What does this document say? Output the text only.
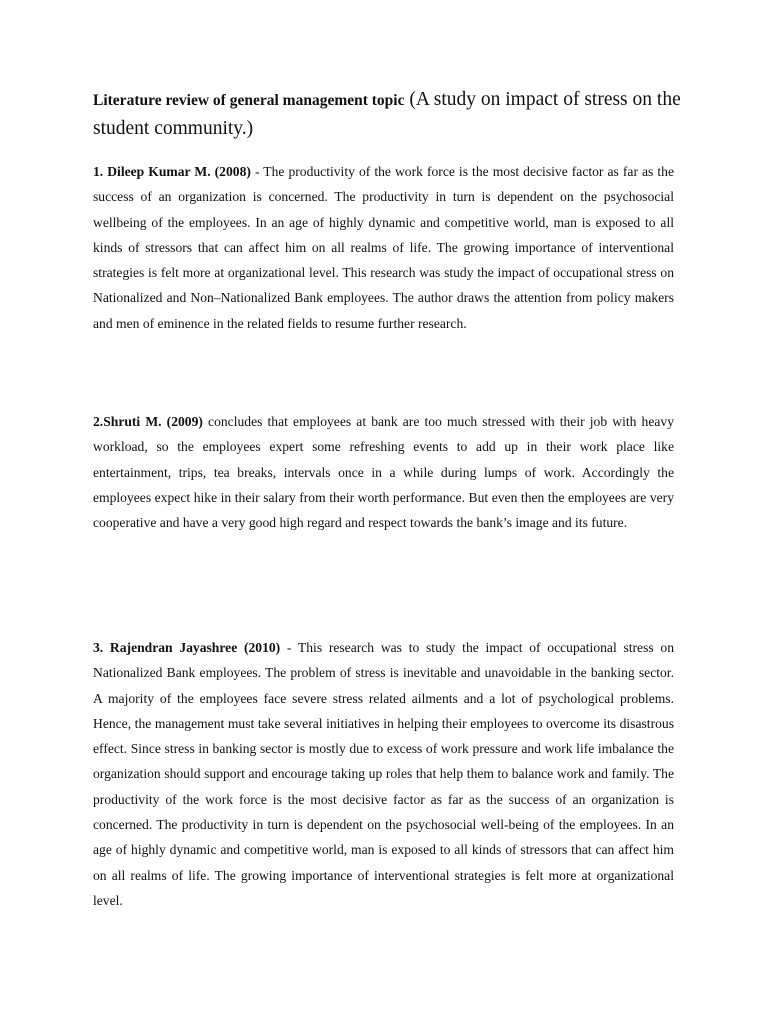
Literature review of general management topic (A study on impact of stress on the student community.)

1. Dileep Kumar M. (2008) - The productivity of the work force is the most decisive factor as far as the success of an organization is concerned. The productivity in turn is dependent on the psychosocial wellbeing of the employees. In an age of highly dynamic and competitive world, man is exposed to all kinds of stressors that can affect him on all realms of life. The growing importance of interventional strategies is felt more at organizational level. This research was study the impact of occupational stress on Nationalized and Non–Nationalized Bank employees. The author draws the attention from policy makers and men of eminence in the related fields to resume further research.

2.Shruti M. (2009) concludes that employees at bank are too much stressed with their job with heavy workload, so the employees expert some refreshing events to add up in their work place like entertainment, trips, tea breaks, intervals once in a while during lumps of work. Accordingly the employees expect hike in their salary from their worth performance. But even then the employees are very cooperative and have a very good high regard and respect towards the bank’s image and its future.

3. Rajendran Jayashree (2010) - This research was to study the impact of occupational stress on Nationalized Bank employees. The problem of stress is inevitable and unavoidable in the banking sector. A majority of the employees face severe stress related ailments and a lot of psychological problems. Hence, the management must take several initiatives in helping their employees to overcome its disastrous effect. Since stress in banking sector is mostly due to excess of work pressure and work life imbalance the organization should support and encourage taking up roles that help them to balance work and family. The productivity of the work force is the most decisive factor as far as the success of an organization is concerned. The productivity in turn is dependent on the psychosocial well-being of the employees. In an age of highly dynamic and competitive world, man is exposed to all kinds of stressors that can affect him on all realms of life. The growing importance of interventional strategies is felt more at organizational level.
